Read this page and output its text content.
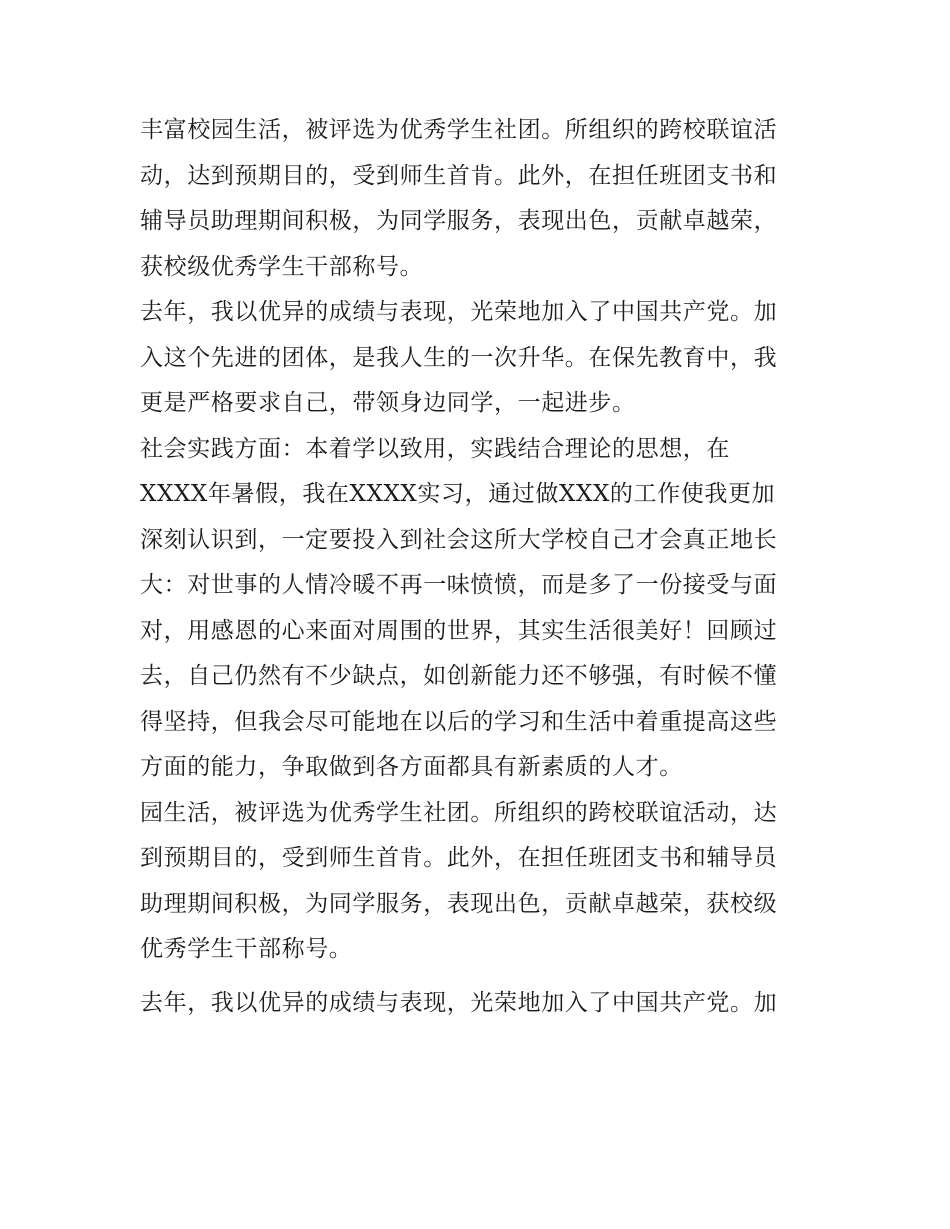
丰富校园生活，被评选为优秀学生社团。所组织的跨校联谊活
动，达到预期目的，受到师生首肯。此外，在担任班团支书和
辅导员助理期间积极，为同学服务，表现出色，贡献卓越荣，
获校级优秀学生干部称号。
去年，我以优异的成绩与表现，光荣地加入了中国共产党。加
入这个先进的团体，是我人生的一次升华。在保先教育中，我
更是严格要求自己，带领身边同学，一起进步。
社会实践方面：本着学以致用，实践结合理论的思想，在
XXXX年暑假，我在XXXX实习，通过做XXX的工作使我更加
深刻认识到，一定要投入到社会这所大学校自己才会真正地长
大：对世事的人情冷暖不再一味愤愤，而是多了一份接受与面
对，用感恩的心来面对周围的世界，其实生活很美好！回顾过
去，自己仍然有不少缺点，如创新能力还不够强，有时候不懂
得坚持，但我会尽可能地在以后的学习和生活中着重提高这些
方面的能力，争取做到各方面都具有新素质的人才。
园生活，被评选为优秀学生社团。所组织的跨校联谊活动，达
到预期目的，受到师生首肯。此外，在担任班团支书和辅导员
助理期间积极，为同学服务，表现出色，贡献卓越荣，获校级
优秀学生干部称号。
去年，我以优异的成绩与表现，光荣地加入了中国共产党。加
